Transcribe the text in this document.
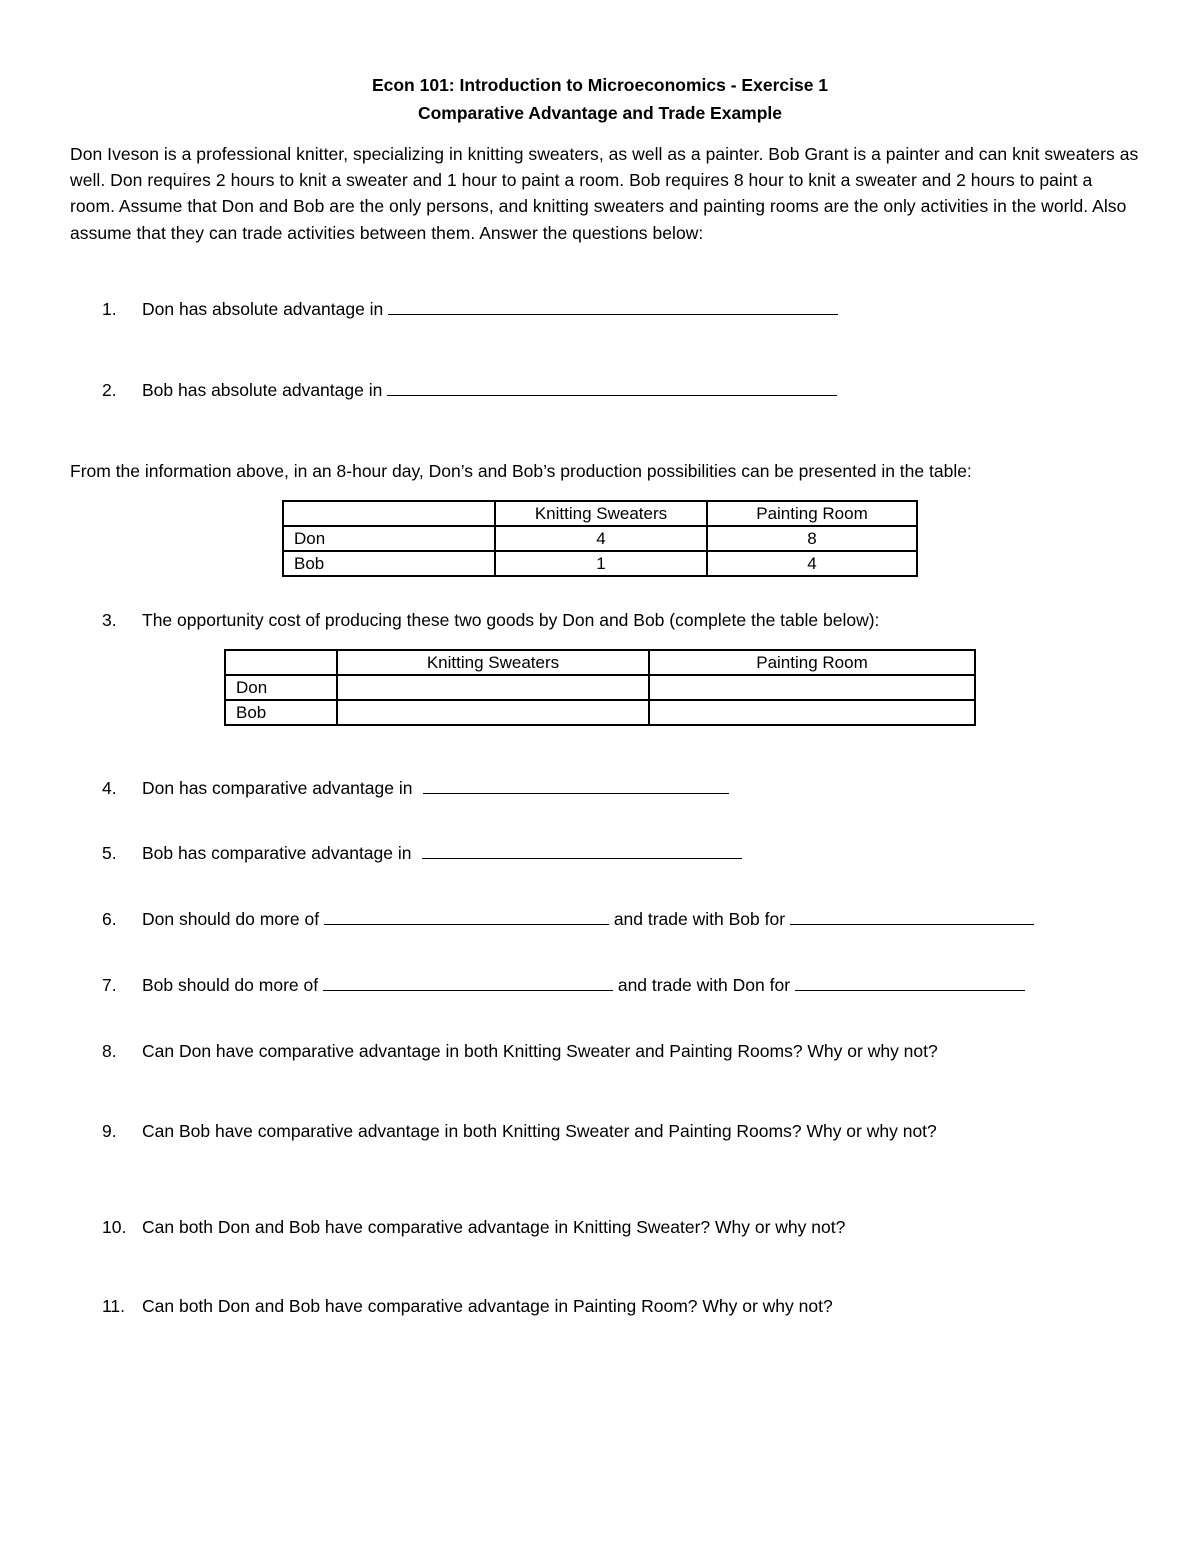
Econ 101: Introduction to Microeconomics - Exercise 1
Comparative Advantage and Trade Example
Don Iveson is a professional knitter, specializing in knitting sweaters, as well as a painter. Bob Grant is a painter and can knit sweaters as well. Don requires 2 hours to knit a sweater and 1 hour to paint a room. Bob requires 8 hour to knit a sweater and 2 hours to paint a room. Assume that Don and Bob are the only persons, and knitting sweaters and painting rooms are the only activities in the world. Also assume that they can trade activities between them. Answer the questions below:
1. Don has absolute advantage in
2. Bob has absolute advantage in
From the information above, in an 8-hour day, Don’s and Bob’s production possibilities can be presented in the table:
	Knitting Sweaters	Painting Room
Don	4	8
Bob	1	4
3. The opportunity cost of producing these two goods by Don and Bob (complete the table below):
	Knitting Sweaters	Painting Room
Don		
Bob		
4. Don has comparative advantage in
5. Bob has comparative advantage in
6. Don should do more of	and trade with Bob for
7. Bob should do more of	and trade with Don for
8. Can Don have comparative advantage in both Knitting Sweater and Painting Rooms? Why or why not?
9. Can Bob have comparative advantage in both Knitting Sweater and Painting Rooms? Why or why not?
10. Can both Don and Bob have comparative advantage in Knitting Sweater? Why or why not?
11. Can both Don and Bob have comparative advantage in Painting Room? Why or why not?
